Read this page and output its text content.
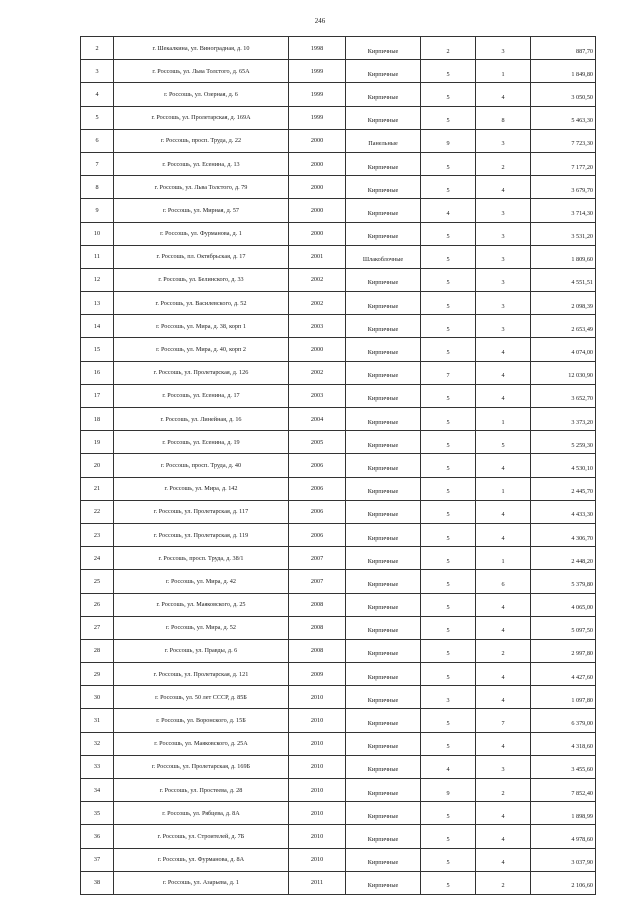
246
2	г. Шекалкина, ул. Виноградная, д. 10	1998	Кирпичные	2	3	887,70
3	г. Россошь, ул. Льва Толстого, д. 65А	1999	Кирпичные	5	1	1 849,80
4	г. Россошь, ул. Озерная, д. 6	1999	Кирпичные	5	4	3 050,50
5	г. Россошь, ул. Пролетарская, д. 169А	1999	Кирпичные	5	8	5 463,30
6	г. Россошь, просп. Труда, д. 22	2000	Панельные	9	3	7 723,30
7	г. Россошь, ул. Есенина, д. 13	2000	Кирпичные	5	2	7 177,20
8	г. Россошь, ул. Льва Толстого, д. 79	2000	Кирпичные	5	4	3 679,70
9	г. Россошь, ул. Мирная, д. 57	2000	Кирпичные	4	3	3 714,30
10	г. Россошь, ул. Фурманова, д. 1	2000	Кирпичные	5	3	3 531,20
11	г. Россошь, пл. Октябрьская, д. 17	2001	Шлакоблочные	5	3	1 809,60
12	г. Россошь, ул. Белинского, д. 33	2002	Кирпичные	5	3	4 551,51
13	г. Россошь, ул. Василевского, д. 52	2002	Кирпичные	5	3	2 098,39
14	г. Россошь, ул. Мира, д. 38, корп 1	2003	Кирпичные	5	3	2 653,49
15	г. Россошь, ул. Мира, д. 40, корп 2	2000	Кирпичные	5	4	4 074,00
16	г. Россошь, ул. Пролетарская, д. 126	2002	Кирпичные	7	4	12 030,90
17	г. Россошь, ул. Есенина, д. 17	2003	Кирпичные	5	4	3 652,70
18	г. Россошь, ул. Линейная, д. 16	2004	Кирпичные	5	1	3 373,20
19	г. Россошь, ул. Есенина, д. 19	2005	Кирпичные	5	5	5 259,30
20	г. Россошь, просп. Труда, д. 40	2006	Кирпичные	5	4	4 530,10
21	г. Россошь, ул. Мира, д. 142	2006	Кирпичные	5	1	2 445,70
22	г. Россошь, ул. Пролетарская, д. 117	2006	Кирпичные	5	4	4 433,30
23	г. Россошь, ул. Пролетарская, д. 119	2006	Кирпичные	5	4	4 306,70
24	г. Россошь, просп. Труда, д. 38/1	2007	Кирпичные	5	1	2 448,20
25	г. Россошь, ул. Мира, д. 42	2007	Кирпичные	5	6	5 379,80
26	г. Россошь, ул. Маяковского, д. 25	2008	Кирпичные	5	4	4 065,00
27	г. Россошь, ул. Мира, д. 52	2008	Кирпичные	5	4	5 097,50
28	г. Россошь, ул. Правды, д. 6	2008	Кирпичные	5	2	2 997,80
29	г. Россошь, ул. Пролетарская, д. 121	2009	Кирпичные	5	4	4 427,60
30	г. Россошь, ул. 50 лет СССР, д. 85Б	2010	Кирпичные	3	4	1 097,80
31	г. Россошь, ул. Воронского, д. 15Б	2010	Кирпичные	5	7	6 379,00
32	г. Россошь, ул. Маяковского, д. 25А	2010	Кирпичные	5	4	4 318,60
33	г. Россошь, ул. Пролетарская, д. 169Б	2010	Кирпичные	4	3	3 455,60
34	г. Россошь, ул. Простеева, д. 28	2010	Кирпичные	9	2	7 852,40
35	г. Россошь, ул. Рябцева, д. 8А	2010	Кирпичные	5	4	1 898,99
36	г. Россошь, ул. Строителей, д. 7Б	2010	Кирпичные	5	4	4 978,60
37	г. Россошь, ул. Фурманова, д. 8А	2010	Кирпичные	5	4	3 037,90
38	г. Россошь, ул. Азарьева, д. 1	2011	Кирпичные	5	2	2 106,60
